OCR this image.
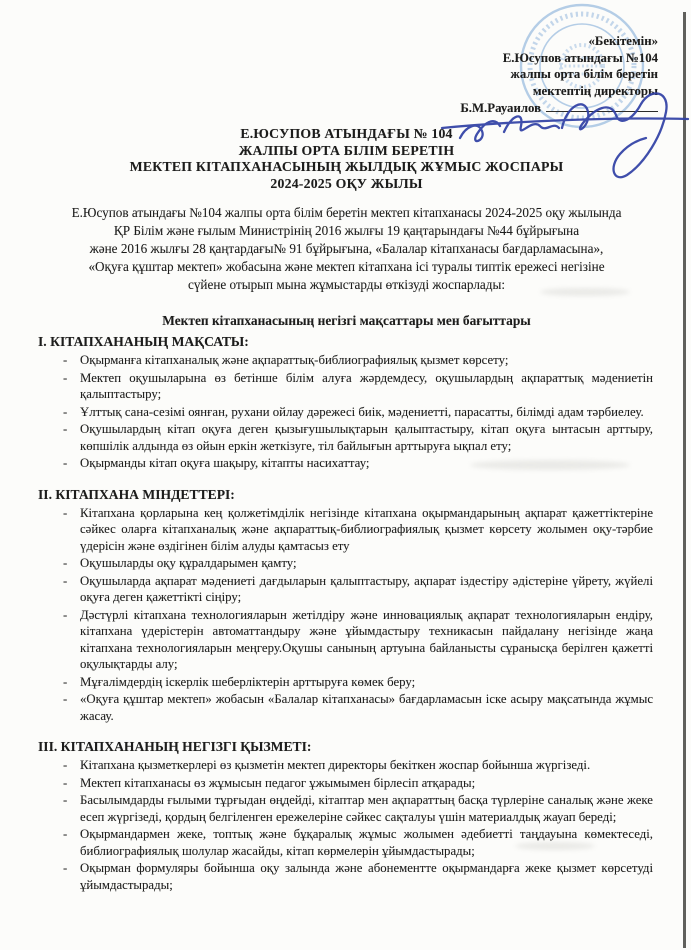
«Бекітемін»
Е.Юсупов атындағы №104
жалпы орта білім беретін
мектептің директоры
Б.М.Рауаилов
Е.ЮСУПОВ АТЫНДАҒЫ № 104
ЖАЛПЫ ОРТА БІЛІМ БЕРЕТІН
МЕКТЕП КІТАПХАНАСЫНЫҢ ЖЫЛДЫҚ ЖҰМЫС ЖОСПАРЫ
2024-2025 ОҚУ ЖЫЛЫ
Е.Юсупов атындағы №104 жалпы орта білім беретін мектеп кітапханасы 2024-2025 оқу жылында
ҚР Білім және ғылым Министрінің 2016 жылғы 19 қаңтарындағы №44 бұйрығына
және 2016 жылғы 28 қаңтардағы№ 91 бұйрығына, «Балалар кітапханасы бағдарламасына»,
«Оқуға құштар мектеп» жобасына және мектеп кітапхана ісі туралы типтік ережесі негізіне
сүйене отырып мына жұмыстарды өткізуді жоспарлады:
Мектеп кітапханасының негізгі мақсаттары мен бағыттары
I. КІТАПХАНАНЫҢ МАҚСАТЫ:
- Оқырманға кітапханалық және ақпараттық-библиографиялық қызмет көрсету;
- Мектеп оқушыларына өз бетінше білім алуға жәрдемдесу, оқушылардың ақпараттық мәдениетін қалыптастыру;
- Ұлттық сана-сезімі оянған, рухани ойлау дәрежесі биік, мәдениетті, парасатты, білімді адам тәрбиелеу.
- Оқушылардың кітап оқуға деген қызығушылықтарын қалыптастыру, кітап оқуға ынтасын арттыру, көпшілік алдында өз ойын еркін жеткізуге, тіл байлығын арттыруға ықпал ету;
- Оқырманды кітап оқуға шақыру, кітапты насихаттау;
II. КІТАПХАНА МІНДЕТТЕРІ:
- Кітапхана қорларына кең қолжетімділік негізінде кітапхана оқырмандарының ақпарат қажеттіктеріне сәйкес оларға кітапханалық және ақпараттық-библиографиялық қызмет көрсету жолымен оқу-тәрбие үдерісін және өздігінен білім алуды қамтасыз ету
- Оқушыларды оқу құралдарымен қамту;
- Оқушыларда ақпарат мәдениеті дағдыларын қалыптастыру, ақпарат іздестіру әдістеріне үйрету, жүйелі оқуға деген қажеттікті сіңіру;
- Дәстүрлі кітапхана технологияларын жетілдіру және инновациялық ақпарат технологияларын ендіру, кітапхана үдерістерін автоматтандыру және ұйымдастыру техникасын пайдалану негізінде жаңа кітапхана технологияларын меңгеру.Оқушы санының артуына байланысты сұранысқа берілген қажетті оқулықтарды алу;
- Мұғалімдердің іскерлік шеберліктерін арттыруға көмек беру;
- «Оқуға құштар мектеп» жобасын «Балалар кітапханасы» бағдарламасын іске асыру мақсатында жұмыс жасау.
III. КІТАПХАНАНЫҢ НЕГІЗГІ ҚЫЗМЕТІ:
- Кітапхана қызметкерлері өз қызметін мектеп директоры бекіткен жоспар бойынша жүргізеді.
- Мектеп кітапханасы өз жұмысын педагог ұжымымен бірлесіп атқарады;
- Басылымдарды ғылыми тұрғыдан өңдейді, кітаптар мен ақпараттың басқа түрлеріне саналық және жеке есеп жүргізеді, қордың белгіленген ережелеріне сәйкес сақталуы үшін материалдық жауап береді;
- Оқырмандармен жеке, топтық және бұқаралық жұмыс жолымен әдебиетті таңдауына көмектеседі, библиографиялық шолулар жасайды, кітап көрмелерін ұйымдастырады;
- Оқырман формуляры бойынша оқу залында және абонементте оқырмандарға жеке қызмет көрсетуді ұйымдастырады;
